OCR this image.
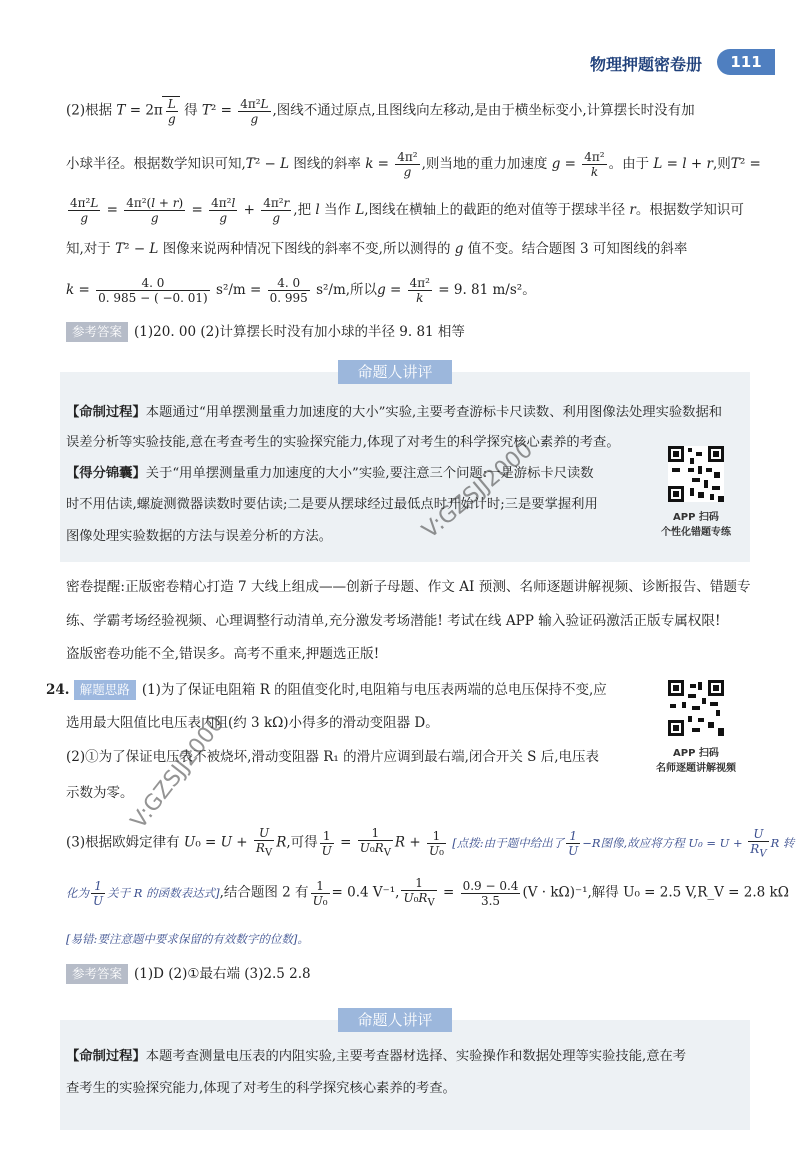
物理押题密卷册	111
(2)根据 $T = 2\pi \frac{L}{g}$ 得 $T^2 = \frac{\text{4π²L}}{g}$ ,图线不通过原点,且图线向左移动,是由于横坐标变小,计算摆长时没有加
小球半径。根据数学知识可知,T² − L 图线的斜率 $k = \frac{\text{4π²}}{g}$ ,则当地的重力加速度 $g = \frac{\text{4π²}}{k}$ 。由于 L = l + r,则T² =
$\frac{\text{4π²L}}{g} = \frac{\text{4π²(l + r)}}{g} = \frac{\text{4π²l}}{g} + \frac{\text{4π²r}}{g}$ ,把 l 当作 L,图线在横轴上的截距的绝对值等于摆球半径 r。根据数学知识可
知,对于 T² − L 图像来说两种情况下图线的斜率不变,所以测得的 g 值不变。结合题图 3 可知图线的斜率
$k = \frac{4. 0}{0. 985 - ( -0. 01)} s^2/m = \frac{4. 0}{0. 995} s^2/m$,所以$g = \frac{\text{4π²}}{k} = 9$. 81 m/s²。
参考答案 (1)20. 00 (2)计算摆长时没有加小球的半径 9. 81 相等
命题人讲评
【命制过程】本题通过“用单摆测量重力加速度的大小”实验,主要考查游标卡尺读数、利用图像法处理实验数据和
误差分析等实验技能,意在考查考生的实验探究能力,体现了对考生的科学探究核心素养的考查。
【得分锦囊】关于“用单摆测量重力加速度的大小”实验,要注意三个问题:一是游标卡尺读数
时不用估读,螺旋测微器读数时要估读;二是要从摆球经过最低点时开始计时;三是要掌握利用
图像处理实验数据的方法与误差分析的方法。
APP 扫码
个性化错题专练
密卷提醒:正版密卷精心打造 7 大线上组成——创新子母题、作文 AI 预测、名师逐题讲解视频、诊断报告、错题专
练、学霸考场经验视频、心理调整行动清单,充分激发考场潜能! 考试在线 APP 输入验证码激活正版专属权限!
盗版密卷功能不全,错误多。高考不重来,押题选正版!
24. 解题思路 (1)为了保证电阻箱 R 的阻值变化时,电阻箱与电压表两端的总电压保持不变,应
选用最大阻值比电压表内阻(约 3 kΩ)小得多的滑动变阻器 D。
(2)①为了保证电压表不被烧坏,滑动变阻器 R₁ 的滑片应调到最右端,闭合开关 S 后,电压表
示数为零。
APP 扫码
名师逐题讲解视频
(3)根据欧姆定律有 $U_0 = U + \frac{U}{R_V} R$,可得 $\frac{1}{U} = \frac{1}{U_0R_V}$ $R + \frac{1}{\text{U₀}}$ [点拨:由于题中给出了 $\frac{1}{U} -R$图像,故应将方程 $U_0 = U + \frac{U}{R_V}$ R 转
化为 $\frac{1}{U}$ 关于 R 的函数表达式],结合题图 2 有 $\frac{1}{\text{U₀}} = 0.4$ V⁻¹, $\frac{1}{U_0R_V} = \frac{0.9 - 0.4}{3.5} (V \cdot k\Omega)^{-1}$,解得 U₀ = 2.5 V,R_V = 2.8 kΩ
[易错:要注意题中要求保留的有效数字的位数]。
参考答案 (1)D (2)①最右端 (3)2.5 2.8
命题人讲评
【命制过程】本题考查测量电压表的内阻实验,主要考查器材选择、实验操作和数据处理等实验技能,意在考
查考生的实验探究能力,体现了对考生的科学探究核心素养的考查。
V:GZSJJ2000
V:GZSJJ2000
